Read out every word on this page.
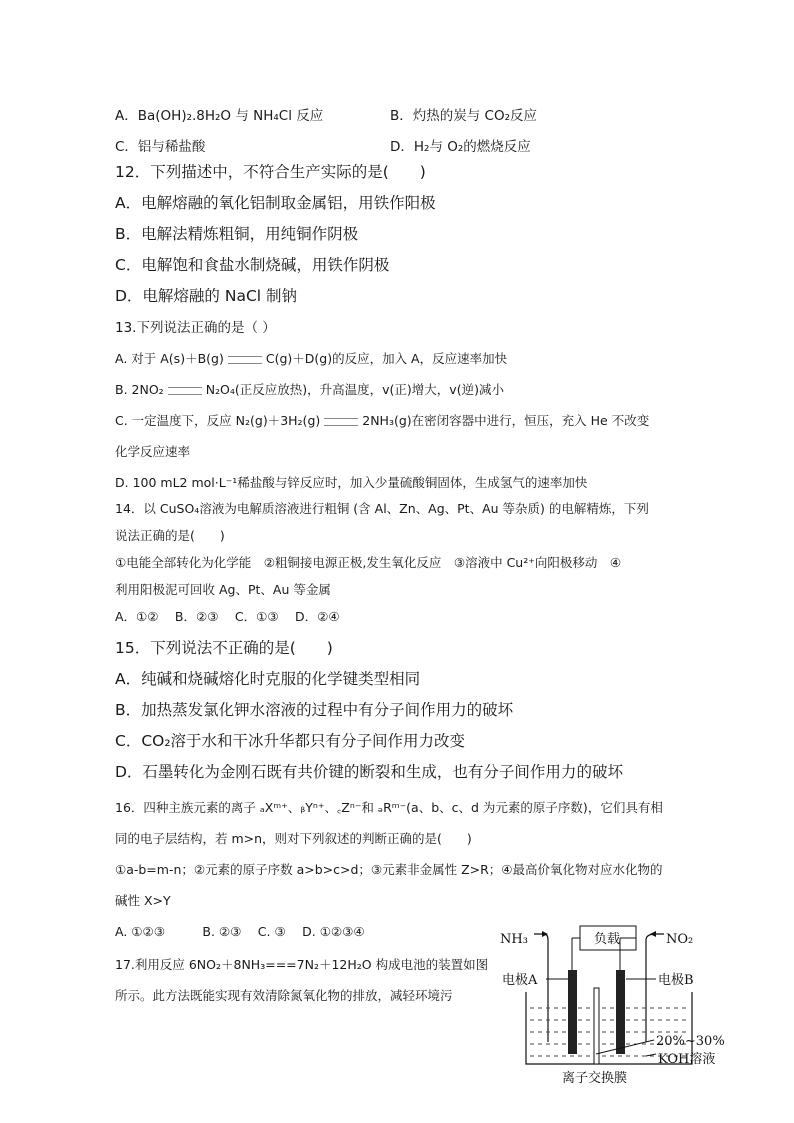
A．Ba(OH)₂.8H₂O 与 NH₄Cl 反应	B．灼热的炭与 CO₂反应
C．铝与稀盐酸	D．H₂与 O₂的燃烧反应
12．下列描述中，不符合生产实际的是(　　)
A．电解熔融的氧化铝制取金属铝，用铁作阳极
B．电解法精炼粗铜，用纯铜作阴极
C．电解饱和食盐水制烧碱，用铁作阴极
D．电解熔融的 NaCl 制钠
13.下列说法正确的是（ ）
A. 对于 A(s)＋B(g)	C(g)＋D(g)的反应，加入 A，反应速率加快
B. 2NO₂	N₂O₄(正反应放热)，升高温度，v(正)增大，v(逆)减小
C. 一定温度下，反应 N₂(g)＋3H₂(g)	2NH₃(g)在密闭容器中进行，恒压，充入 He 不改变
化学反应速率
D. 100 mL2 mol·L⁻¹稀盐酸与锌反应时，加入少量硫酸铜固体，生成氢气的速率加快
14．以 CuSO₄溶液为电解质溶液进行粗铜 (含 Al、Zn、Ag、Pt、Au 等杂质) 的电解精炼，下列
说法正确的是(　　)
①电能全部转化为化学能　②粗铜接电源正极,发生氧化反应　③溶液中 Cu²⁺向阳极移动　④
利用阳极泥可回收 Ag、Pt、Au 等金属
A．①②　 B．②③　 C．①③　 D．②④
15．下列说法不正确的是(　　)
A．纯碱和烧碱熔化时克服的化学键类型相同
B．加热蒸发氯化钾水溶液的过程中有分子间作用力的破坏
C．CO₂溶于水和干冰升华都只有分子间作用力改变
D．石墨转化为金刚石既有共价键的断裂和生成，也有分子间作用力的破坏
16．四种主族元素的离子 ₐXᵐ⁺、ᵦYⁿ⁺、꜀Zⁿ⁻和 ₔRᵐ⁻(a、b、c、d 为元素的原子序数)，它们具有相
同的电子层结构，若 m>n，则对下列叙述的判断正确的是(　　)
①a-b=m-n；②元素的原子序数 a>b>c>d；③元素非金属性 Z>R；④最高价氧化物对应水化物的
碱性 X>Y
A. ①②③　　　B. ②③　 C. ③　 D. ①②③④
17.利用反应 6NO₂＋8NH₃===7N₂＋12H₂O 构成电池的装置如图
所示。此方法既能实现有效清除氮氧化物的排放，减轻环境污
NH₃	NO₂
负载
电极A	电极B
20%~30%
KOH溶液
离子交换膜
